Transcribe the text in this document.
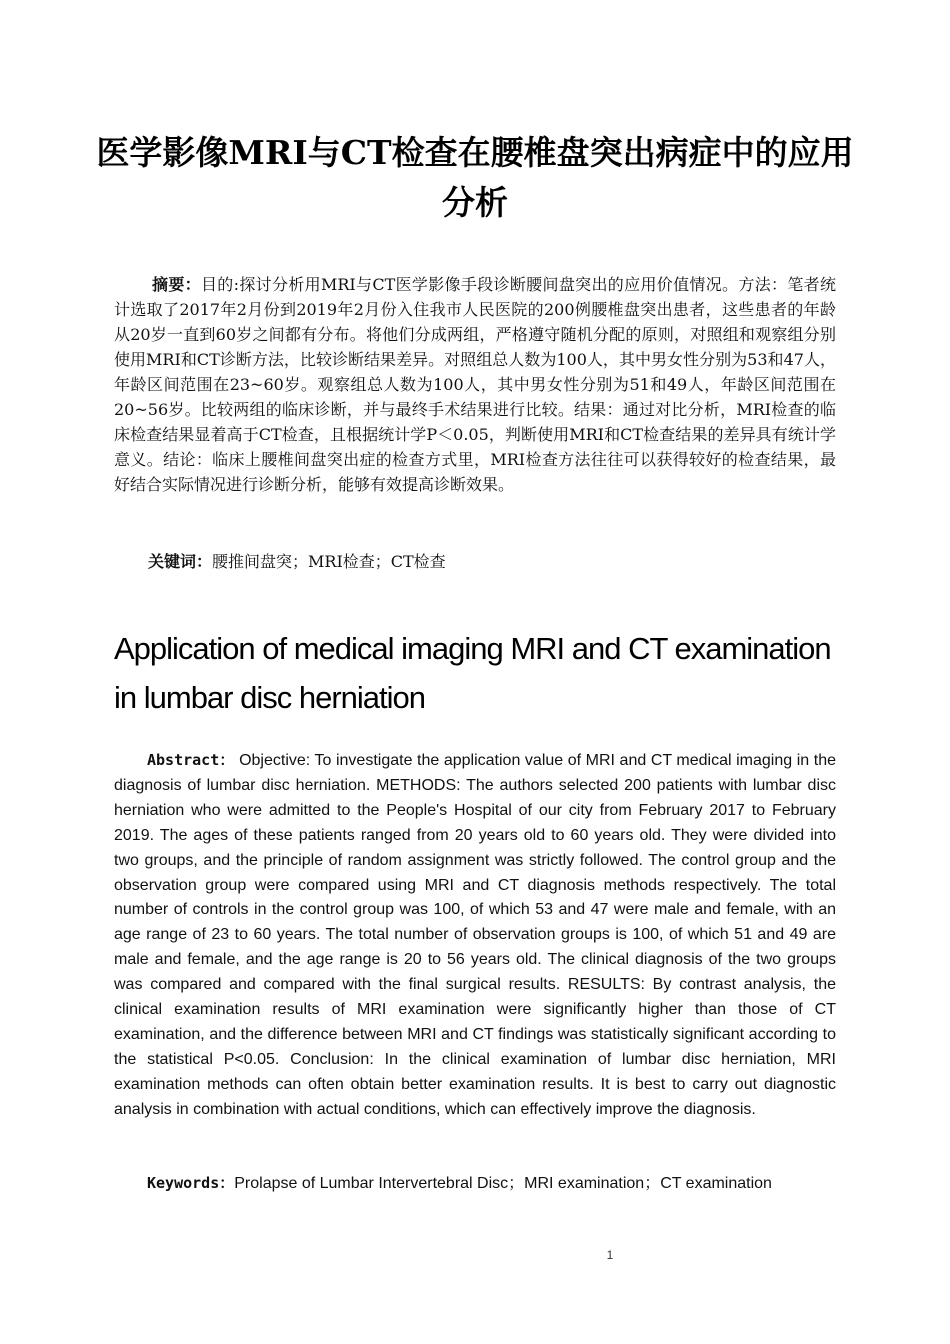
医学影像MRI与CT检查在腰椎盘突出病症中的应用分析

摘要：目的:探讨分析用MRI与CT医学影像手段诊断腰间盘突出的应用价值情况。方法：笔者统计选取了2017年2月份到2019年2月份入住我市人民医院的200例腰椎盘突出患者，这些患者的年龄从20岁一直到60岁之间都有分布。将他们分成两组，严格遵守随机分配的原则，对照组和观察组分别使用MRI和CT诊断方法，比较诊断结果差异。对照组总人数为100人，其中男女性分别为53和47人，年龄区间范围在23~60岁。观察组总人数为100人，其中男女性分别为51和49人，年龄区间范围在20~56岁。比较两组的临床诊断，并与最终手术结果进行比较。结果：通过对比分析，MRI检查的临床检查结果显着高于CT检查，且根据统计学P＜0.05，判断使用MRI和CT检查结果的差异具有统计学意义。结论：临床上腰椎间盘突出症的检查方式里，MRI检查方法往往可以获得较好的检查结果，最好结合实际情况进行诊断分析，能够有效提高诊断效果。

关键词：腰推间盘突；MRI检查；CT检查

Application of medical imaging MRI and CT examination in lumbar disc herniation

Abstract： Objective: To investigate the application value of MRI and CT medical imaging in the diagnosis of lumbar disc herniation. METHODS: The authors selected 200 patients with lumbar disc herniation who were admitted to the People's Hospital of our city from February 2017 to February 2019. The ages of these patients ranged from 20 years old to 60 years old. They were divided into two groups, and the principle of random assignment was strictly followed. The control group and the observation group were compared using MRI and CT diagnosis methods respectively. The total number of controls in the control group was 100, of which 53 and 47 were male and female, with an age range of 23 to 60 years. The total number of observation groups is 100, of which 51 and 49 are male and female, and the age range is 20 to 56 years old. The clinical diagnosis of the two groups was compared and compared with the final surgical results. RESULTS: By contrast analysis, the clinical examination results of MRI examination were significantly higher than those of CT examination, and the difference between MRI and CT findings was statistically significant according to the statistical P<0.05. Conclusion: In the clinical examination of lumbar disc herniation, MRI examination methods can often obtain better examination results. It is best to carry out diagnostic analysis in combination with actual conditions, which can effectively improve the diagnosis.

Keywords：Prolapse of Lumbar Intervertebral Disc；MRI examination；CT examination

1
